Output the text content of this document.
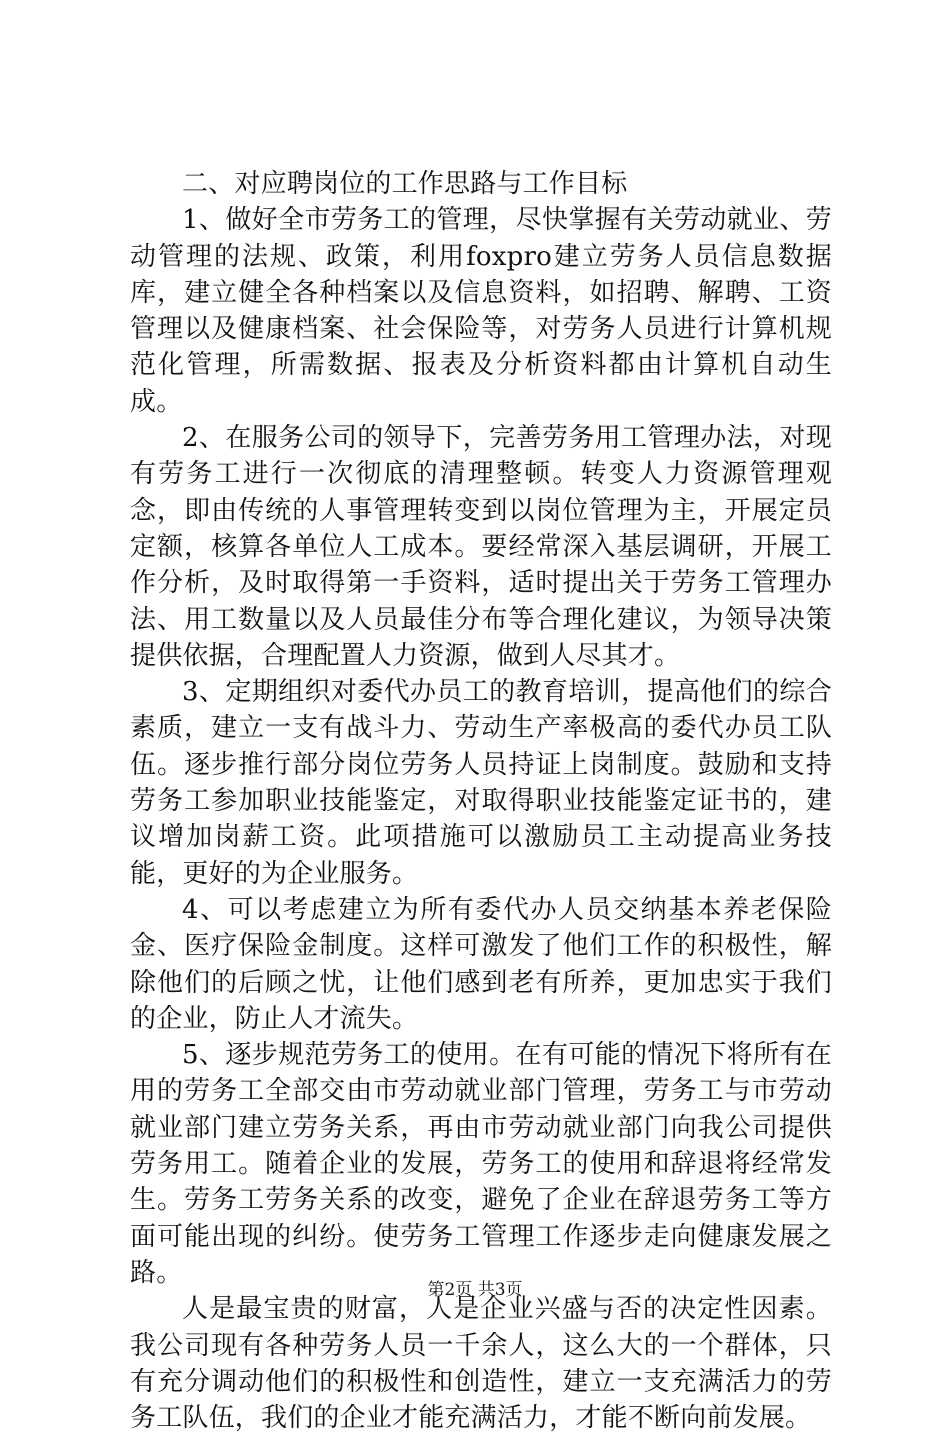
二、对应聘岗位的工作思路与工作目标

1、做好全市劳务工的管理，尽快掌握有关劳动就业、劳动管理的法规、政策，利用foxpro建立劳务人员信息数据库，建立健全各种档案以及信息资料，如招聘、解聘、工资管理以及健康档案、社会保险等，对劳务人员进行计算机规范化管理，所需数据、报表及分析资料都由计算机自动生成。

2、在服务公司的领导下，完善劳务用工管理办法，对现有劳务工进行一次彻底的清理整顿。转变人力资源管理观念，即由传统的人事管理转变到以岗位管理为主，开展定员定额，核算各单位人工成本。要经常深入基层调研，开展工作分析，及时取得第一手资料，适时提出关于劳务工管理办法、用工数量以及人员最佳分布等合理化建议，为领导决策提供依据，合理配置人力资源，做到人尽其才。

3、定期组织对委代办员工的教育培训，提高他们的综合素质，建立一支有战斗力、劳动生产率极高的委代办员工队伍。逐步推行部分岗位劳务人员持证上岗制度。鼓励和支持劳务工参加职业技能鉴定，对取得职业技能鉴定证书的，建议增加岗薪工资。此项措施可以激励员工主动提高业务技能，更好的为企业服务。

4、可以考虑建立为所有委代办人员交纳基本养老保险金、医疗保险金制度。这样可激发了他们工作的积极性，解除他们的后顾之忧，让他们感到老有所养，更加忠实于我们的企业，防止人才流失。

5、逐步规范劳务工的使用。在有可能的情况下将所有在用的劳务工全部交由市劳动就业部门管理，劳务工与市劳动就业部门建立劳务关系，再由市劳动就业部门向我公司提供劳务用工。随着企业的发展，劳务工的使用和辞退将经常发生。劳务工劳务关系的改变，避免了企业在辞退劳务工等方面可能出现的纠纷。使劳务工管理工作逐步走向健康发展之路。

人是最宝贵的财富，人是企业兴盛与否的决定性因素。我公司现有各种劳务人员一千余人，这么大的一个群体，只有充分调动他们的积极性和创造性，建立一支充满活力的劳务工队伍，我们的企业才能充满活力，才能不断向前发展。

第2页 共3页
